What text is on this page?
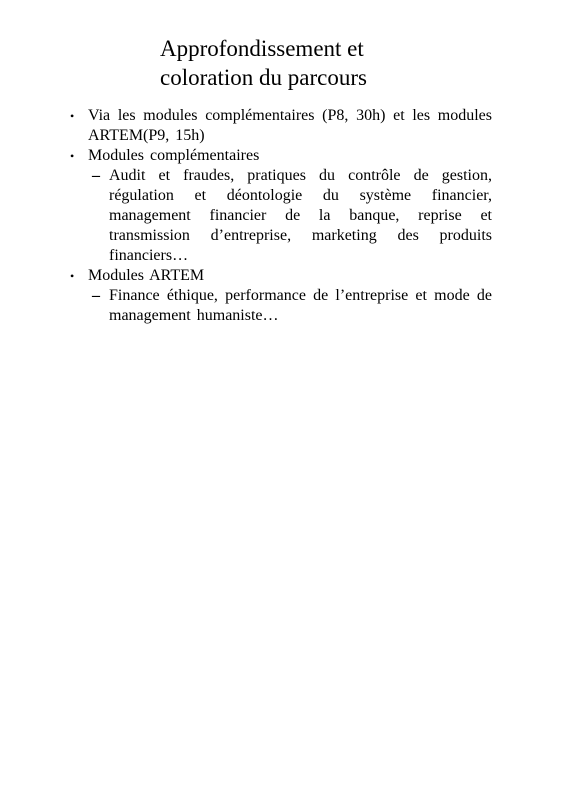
Approfondissement et
coloration du parcours
• Via les modules complémentaires (P8, 30h) et les modules ARTEM(P9, 15h)
• Modules complémentaires
– Audit et fraudes, pratiques du contrôle de gestion, régulation et déontologie du système financier, management financier de la banque, reprise et transmission d’entreprise, marketing des produits financiers…
• Modules ARTEM
– Finance éthique, performance de l’entreprise et mode de management humaniste…
